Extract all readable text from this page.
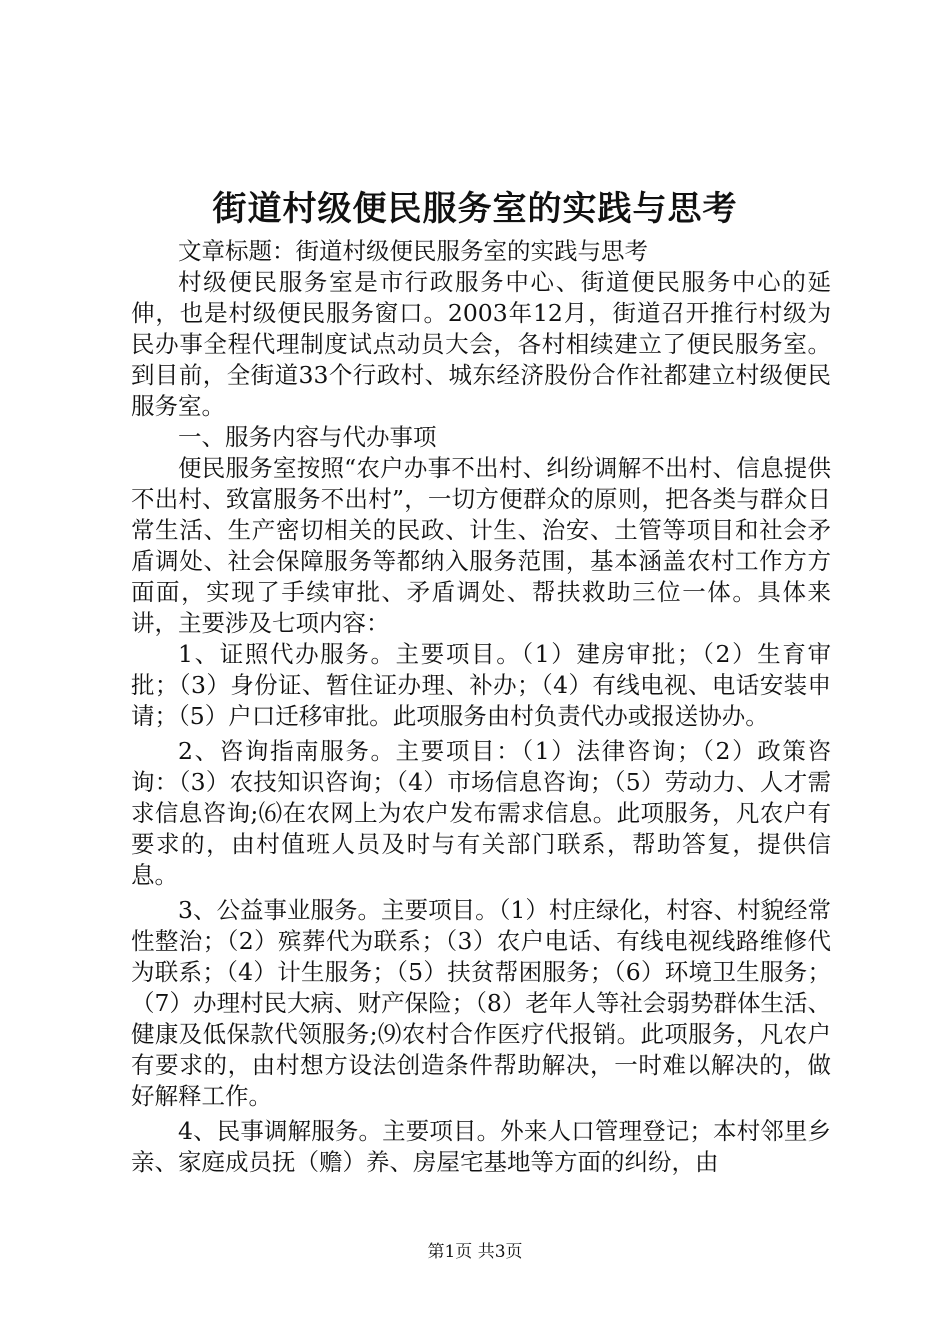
街道村级便民服务室的实践与思考

文章标题：街道村级便民服务室的实践与思考

村级便民服务室是市行政服务中心、街道便民服务中心的延伸，也是村级便民服务窗口。2003年12月，街道召开推行村级为民办事全程代理制度试点动员大会，各村相续建立了便民服务室。到目前，全街道33个行政村、城东经济股份合作社都建立村级便民服务室。

一、服务内容与代办事项

便民服务室按照“农户办事不出村、纠纷调解不出村、信息提供不出村、致富服务不出村”，一切方便群众的原则，把各类与群众日常生活、生产密切相关的民政、计生、治安、土管等项目和社会矛盾调处、社会保障服务等都纳入服务范围，基本涵盖农村工作方方面面，实现了手续审批、矛盾调处、帮扶救助三位一体。具体来讲，主要涉及七项内容：

1、证照代办服务。主要项目。（1）建房审批；（2）生育审批；（3）身份证、暂住证办理、补办；（4）有线电视、电话安装申请；（5）户口迁移审批。此项服务由村负责代办或报送协办。

2、咨询指南服务。主要项目：（1）法律咨询；（2）政策咨询：（3）农技知识咨询；（4）市场信息咨询；（5）劳动力、人才需求信息咨询;⑹在农网上为农户发布需求信息。此项服务，凡农户有要求的，由村值班人员及时与有关部门联系，帮助答复，提供信息。

3、公益事业服务。主要项目。（1）村庄绿化，村容、村貌经常性整治；（2）殡葬代为联系；（3）农户电话、有线电视线路维修代为联系；（4）计生服务；（5）扶贫帮困服务；（6）环境卫生服务；（7）办理村民大病、财产保险；（8）老年人等社会弱势群体生活、健康及低保款代领服务;⑼农村合作医疗代报销。此项服务，凡农户有要求的，由村想方设法创造条件帮助解决，一时难以解决的，做好解释工作。

4、民事调解服务。主要项目。外来人口管理登记；本村邻里乡亲、家庭成员抚（赡）养、房屋宅基地等方面的纠纷，由

第1页 共3页
